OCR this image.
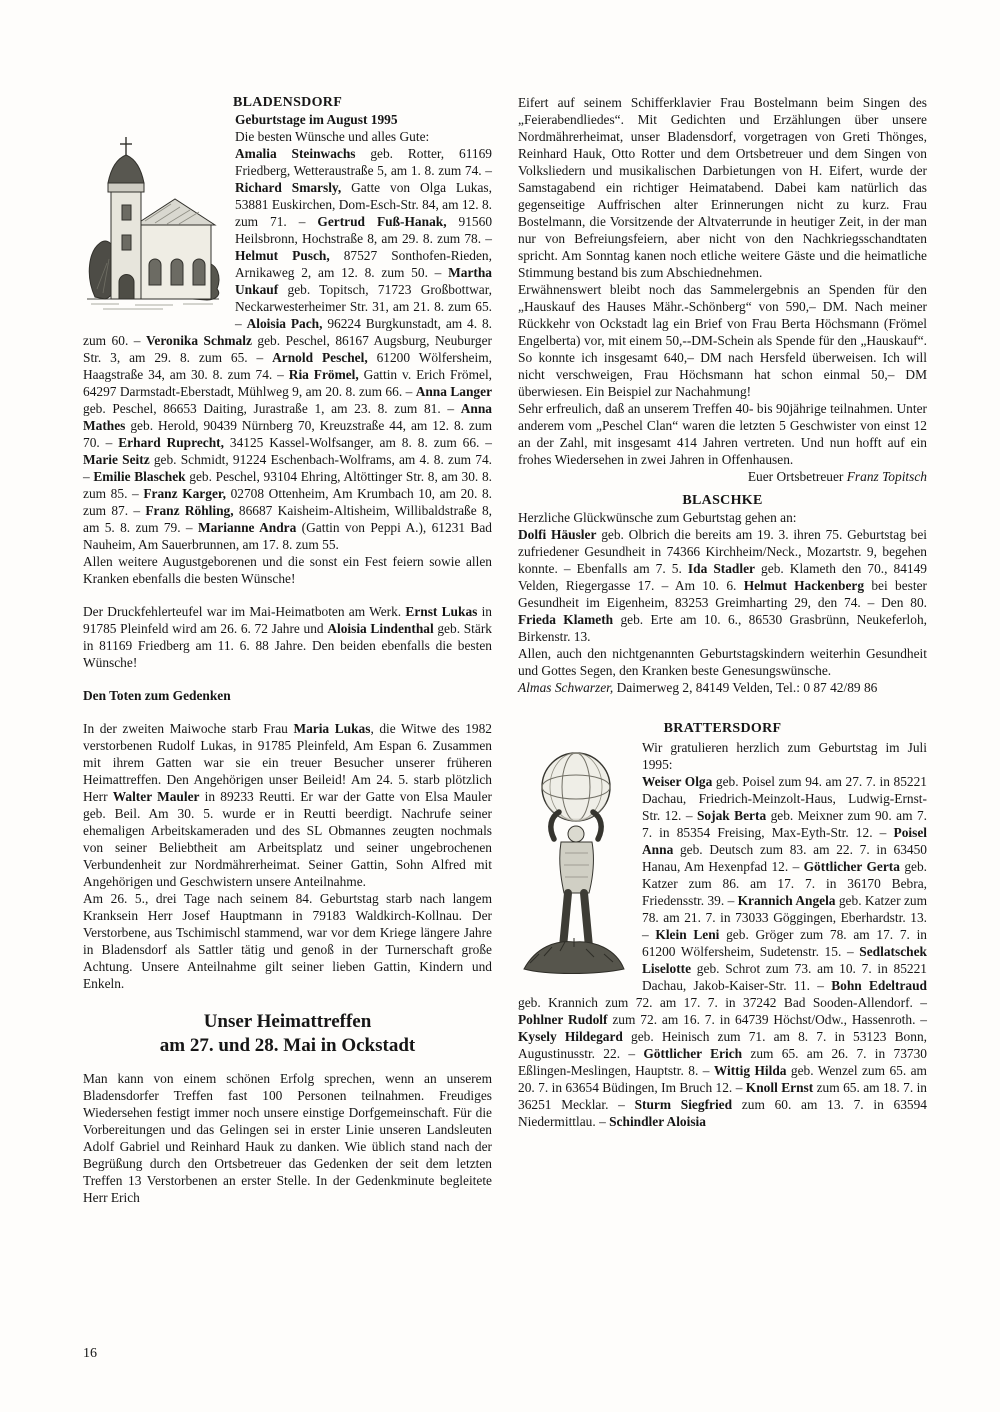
BLADENSDORF
Geburtstage im August 1995
Die besten Wünsche und alles Gute:

Amalia Steinwachs geb. Rotter, 61169 Friedberg, Wetteraustraße 5, am 1. 8. zum 74. – Richard Smarsly, Gatte von Olga Lukas, 53881 Euskirchen, Dom-Esch-Str. 84, am 12. 8. zum 71. – Gertrud Fuß-Hanak, 91560 Heilsbronn, Hochstraße 8, am 29. 8. zum 78. – Helmut Pusch, 87527 Sonthofen-Rieden, Arnikaweg 2, am 12. 8. zum 50. – Martha Unkauf geb. Topitsch, 71723 Großbottwar, Neckarwesterheimer Str. 31, am 21. 8. zum 65. – Aloisia Pach, 96224 Burgkunstadt, am 4. 8. zum 60. – Veronika Schmalz geb. Peschel, 86167 Augsburg, Neuburger Str. 3, am 29. 8. zum 65. – Arnold Peschel, 61200 Wölfersheim, Haagstraße 34, am 30. 8. zum 74. – Ria Frömel, Gattin v. Erich Frömel, 64297 Darmstadt-Eberstadt, Mühlweg 9, am 20. 8. zum 66. – Anna Langer geb. Peschel, 86653 Daiting, Jurastraße 1, am 23. 8. zum 81. – Anna Mathes geb. Herold, 90439 Nürnberg 70, Kreuzstraße 44, am 12. 8. zum 70. – Erhard Ruprecht, 34125 Kassel-Wolfsanger, am 8. 8. zum 66. – Marie Seitz geb. Schmidt, 91224 Eschenbach-Wolframs, am 4. 8. zum 74. – Emilie Blaschek geb. Peschel, 93104 Ehring, Altöttinger Str. 8, am 30. 8. zum 85. – Franz Karger, 02708 Ottenheim, Am Krumbach 10, am 20. 8. zum 87. – Franz Röhling, 86687 Kaisheim-Altisheim, Willibaldstraße 8, am 5. 8. zum 79. – Marianne Andra (Gattin von Peppi A.), 61231 Bad Nauheim, Am Sauerbrunnen, am 17. 8. zum 55.

Allen weitere Augustgeborenen und die sonst ein Fest feiern sowie allen Kranken ebenfalls die besten Wünsche!

Der Druckfehlerteufel war im Mai-Heimatboten am Werk. Ernst Lukas in 91785 Pleinfeld wird am 26. 6. 72 Jahre und Aloisia Lindenthal geb. Stärk in 81169 Friedberg am 11. 6. 88 Jahre. Den beiden ebenfalls die besten Wünsche!

Den Toten zum Gedenken

In der zweiten Maiwoche starb Frau Maria Lukas, die Witwe des 1982 verstorbenen Rudolf Lukas, in 91785 Pleinfeld, Am Espan 6. Zusammen mit ihrem Gatten war sie ein treuer Besucher unserer früheren Heimattreffen. Den Angehörigen unser Beileid! Am 24. 5. starb plötzlich Herr Walter Mauler in 89233 Reutti. Er war der Gatte von Elsa Mauler geb. Beil. Am 30. 5. wurde er in Reutti beerdigt. Nachrufe seiner ehemaligen Arbeitskameraden und des SL Obmannes zeugten nochmals von seiner Beliebtheit am Arbeitsplatz und seiner ungebrochenen Verbundenheit zur Nordmährerheimat. Seiner Gattin, Sohn Alfred mit Angehörigen und Geschwistern unsere Anteilnahme.

Am 26. 5., drei Tage nach seinem 84. Geburtstag starb nach langem Kranksein Herr Josef Hauptmann in 79183 Waldkirch-Kollnau. Der Verstorbene, aus Tschimischl stammend, war vor dem Kriege längere Jahre in Bladensdorf als Sattler tätig und genoß in der Turnerschaft große Achtung. Unsere Anteilnahme gilt seiner lieben Gattin, Kindern und Enkeln.

Unser Heimattreffen
am 27. und 28. Mai in Ockstadt

Man kann von einem schönen Erfolg sprechen, wenn an unserem Bladensdorfer Treffen fast 100 Personen teilnahmen. Freudiges Wiedersehen festigt immer noch unsere einstige Dorfgemeinschaft. Für die Vorbereitungen und das Gelingen sei in erster Linie unseren Landsleuten Adolf Gabriel und Reinhard Hauk zu danken. Wie üblich stand nach der Begrüßung durch den Ortsbetreuer das Gedenken der seit dem letzten Treffen 13 Verstorbenen an erster Stelle. In der Gedenkminute begleitete Herr Erich

Eifert auf seinem Schifferklavier Frau Bostelmann beim Singen des „Feierabendliedes“. Mit Gedichten und Erzählungen über unsere Nordmährerheimat, unser Bladensdorf, vorgetragen von Greti Thönges, Reinhard Hauk, Otto Rotter und dem Ortsbetreuer und dem Singen von Volksliedern und musikalischen Darbietungen von H. Eifert, wurde der Samstagabend ein richtiger Heimatabend. Dabei kam natürlich das gegenseitige Auffrischen alter Erinnerungen nicht zu kurz. Frau Bostelmann, die Vorsitzende der Altvaterrunde in heutiger Zeit, in der man nur von Befreiungsfeiern, aber nicht von den Nachkriegsschandtaten spricht. Am Sonntag kanen noch etliche weitere Gäste und die heimatliche Stimmung bestand bis zum Abschiednehmen.

Erwähnenswert bleibt noch das Sammelergebnis an Spenden für den „Hauskauf des Hauses Mähr.-Schönberg“ von 590,– DM. Nach meiner Rückkehr von Ockstadt lag ein Brief von Frau Berta Höchsmann (Frömel Engelberta) vor, mit einem 50,--DM-Schein als Spende für den „Hauskauf“. So konnte ich insgesamt 640,– DM nach Hersfeld überweisen. Ich will nicht verschweigen, Frau Höchsmann hat schon einmal 50,– DM überwiesen. Ein Beispiel zur Nachahmung!

Sehr erfreulich, daß an unserem Treffen 40- bis 90jährige teilnahmen. Unter anderem vom „Peschel Clan“ waren die letzten 5 Geschwister von einst 12 an der Zahl, mit insgesamt 414 Jahren vertreten. Und nun hofft auf ein frohes Wiedersehen in zwei Jahren in Offenhausen.
Euer Ortsbetreuer Franz Topitsch

BLASCHKE
Herzliche Glückwünsche zum Geburtstag gehen an:

Dolfi Häusler geb. Olbrich die bereits am 19. 3. ihren 75. Geburtstag bei zufriedener Gesundheit in 74366 Kirchheim/Neck., Mozartstr. 9, begehen konnte. – Ebenfalls am 7. 5. Ida Stadler geb. Klameth den 70., 84149 Velden, Riegergasse 17. – Am 10. 6. Helmut Hackenberg bei bester Gesundheit im Eigenheim, 83253 Greimharting 29, den 74. – Den 80. Frieda Klameth geb. Erte am 10. 6., 86530 Grasbrünn, Neukeferloh, Birkenstr. 13.

Allen, auch den nichtgenannten Geburtstagskindern weiterhin Gesundheit und Gottes Segen, den Kranken beste Genesungswünsche.

Almas Schwarzer, Daimerweg 2, 84149 Velden, Tel.: 0 87 42/89 86

BRATTERSDORF

Wir gratulieren herzlich zum Geburtstag im Juli 1995:

Weiser Olga geb. Poisel zum 94. am 27. 7. in 85221 Dachau, Friedrich-Meinzolt-Haus, Ludwig-Ernst-Str. 12. – Sojak Berta geb. Meixner zum 90. am 7. 7. in 85354 Freising, Max-Eyth-Str. 12. – Poisel Anna geb. Deutsch zum 83. am 22. 7. in 63450 Hanau, Am Hexenpfad 12. – Göttlicher Gerta geb. Katzer zum 86. am 17. 7. in 36170 Bebra, Friedensstr. 39. – Krannich Angela geb. Katzer zum 78. am 21. 7. in 73033 Göggingen, Eberhardstr. 13. – Klein Leni geb. Gröger zum 78. am 17. 7. in 61200 Wölfersheim, Sudetenstr. 15. – Sedlatschek Liselotte geb. Schrot zum 73. am 10. 7. in 85221 Dachau, Jakob-Kaiser-Str. 11. – Bohn Edeltraud geb. Krannich zum 72. am 17. 7. in 37242 Bad Sooden-Allendorf. – Pohlner Rudolf zum 72. am 16. 7. in 64739 Höchst/Odw., Hassenroth. – Kysely Hildegard geb. Heinisch zum 71. am 8. 7. in 53123 Bonn, Augustinusstr. 22. – Göttlicher Erich zum 65. am 26. 7. in 73730 Eßlingen-Meslingen, Hauptstr. 8. – Wittig Hilda geb. Wenzel zum 65. am 20. 7. in 63654 Büdingen, Im Bruch 12. – Knoll Ernst zum 65. am 18. 7. in 36251 Mecklar. – Sturm Siegfried zum 60. am 13. 7. in 63594 Niedermittlau. – Schindler Aloisia

16
